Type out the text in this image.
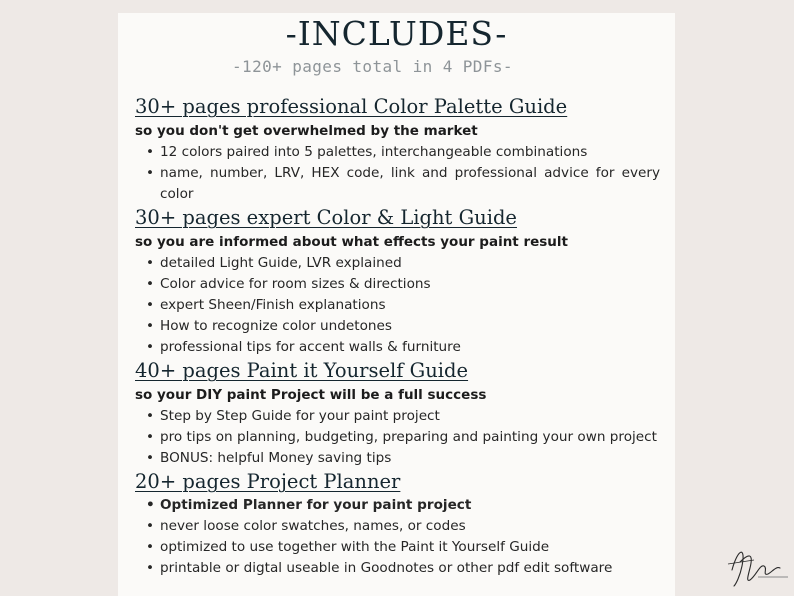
-INCLUDES-
-120+ pages total in 4 PDFs-
30+ pages professional Color Palette Guide
so you don't get overwhelmed by the market
• 12 colors paired into 5 palettes, interchangeable combinations
• name, number, LRV, HEX code, link and professional advice for every color
30+ pages expert Color & Light Guide
so you are informed about what effects your paint result
• detailed Light Guide, LVR explained
• Color advice for room sizes & directions
• expert Sheen/Finish explanations
• How to recognize color undetones
• professional tips for accent walls & furniture
40+ pages Paint it Yourself Guide
so your DIY paint Project will be a full success
• Step by Step Guide for your paint project
• pro tips on planning, budgeting, preparing and painting your own project
• BONUS: helpful Money saving tips
20+ pages Project Planner
• Optimized Planner for your paint project
• never loose color swatches, names, or codes
• optimized to use together with the Paint it Yourself Guide
• printable or digtal useable in Goodnotes or other pdf edit software
